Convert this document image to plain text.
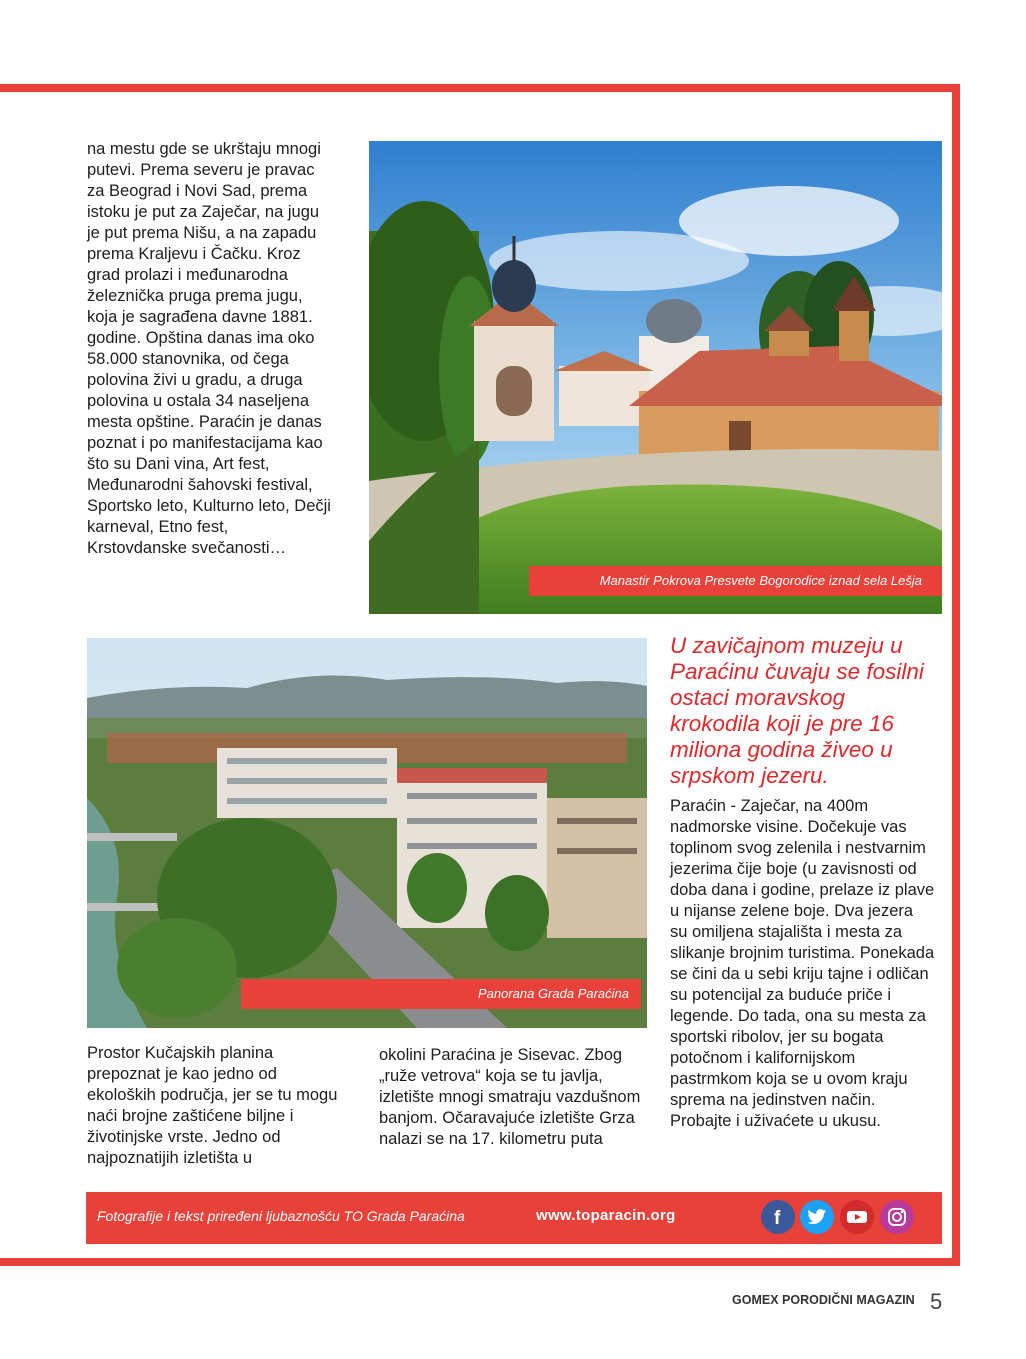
na mestu gde se ukrštaju mnogi putevi. Prema severu je pravac za Beograd i Novi Sad, prema istoku je put za Zaječar, na jugu je put prema Nišu, a na zapadu prema Kraljevu i Čačku. Kroz grad prolazi i međunarodna železnička pruga prema jugu, koja je sagrađena davne 1881. godine. Opština danas ima oko 58.000 stanovnika, od čega polovina živi u gradu, a druga polovina u ostala 34 naseljena mesta opštine. Paraćin je danas poznat i po manifestacijama kao što su Dani vina, Art fest, Međunarodni šahovski festival, Sportsko leto, Kulturno leto, Dečji karneval, Etno fest, Krstovdanske svečanosti…

Manastir Pokrova Presvete Bogorodice iznad sela Lešja
Panorana Grada Paraćina

U zavičajnom muzeju u Paraćinu čuvaju se fosilni ostaci moravskog krokodila koji je pre 16 miliona godina živeo u srpskom jezeru.

Paraćin - Zaječar, na 400m nadmorske visine. Dočekuje vas toplinom svog zelenila i nestvarnim jezerima čije boje (u zavisnosti od doba dana i godine, prelaze iz plave u nijanse zelene boje. Dva jezera su omiljena stajališta i mesta za slikanje brojnim turistima. Ponekada se čini da u sebi kriju tajne i odličan su potencijal za buduće priče i legende. Do tada, ona su mesta za sportski ribolov, jer su bogata potočnom i kalifornijskom pastrmkom koja se u ovom kraju sprema na jedinstven način. Probajte i uživaćete u ukusu.

Prostor Kučajskih planina prepoznat je kao jedno od ekoloških područja, jer se tu mogu naći brojne zaštićene biljne i životinjske vrste. Jedno od najpoznatijih izletišta u

okolini Paraćina je Sisevac. Zbog „ruže vetrova“ koja se tu javlja, izletište mnogi smatraju vazdušnom banjom. Očaravajuće izletište Grza nalazi se na 17. kilometru puta

Fotografije i tekst priređeni ljubaznošću TO Grada Paraćina	www.toparacin.org	f
GOMEX PORODIČNI MAGAZIN 5
